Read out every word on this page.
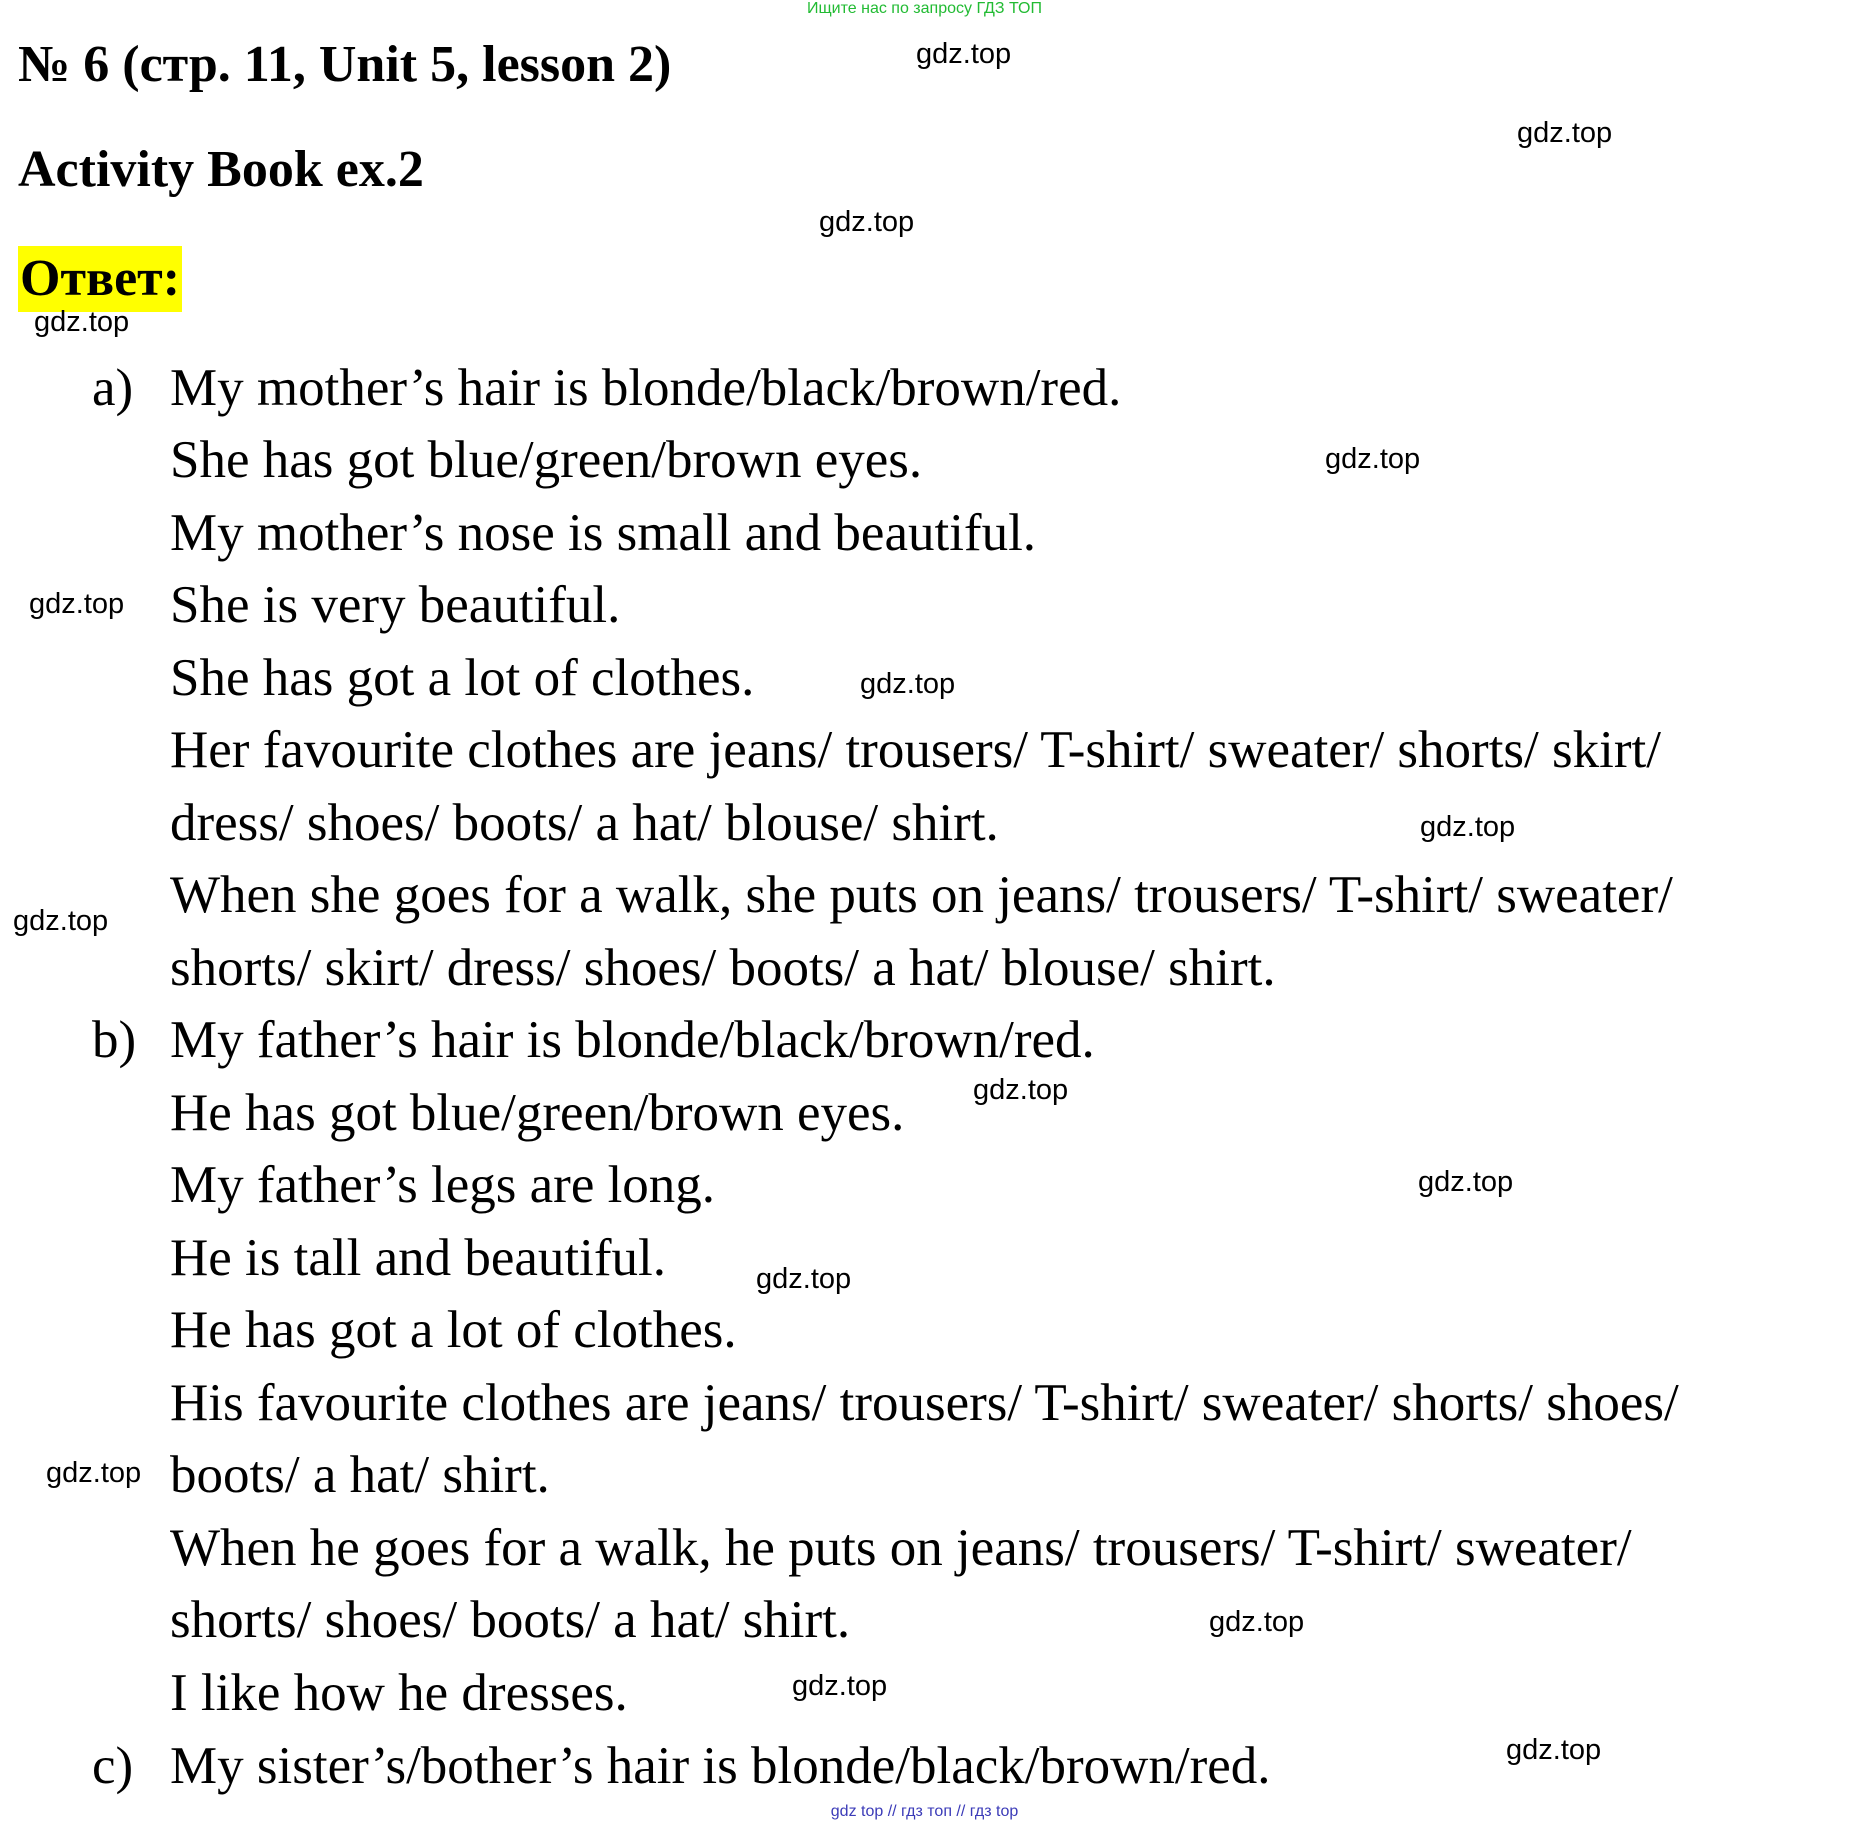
Ищите нас по запросу ГДЗ ТОП
№ 6 (стр. 11, Unit 5, lesson 2)
Activity Book ex.2
Ответ:
a)
b)
c)
My mother’s hair is blonde/black/brown/red.
She has got blue/green/brown eyes.
My mother’s nose is small and beautiful.
She is very beautiful.
She has got a lot of clothes.
Her favourite clothes are jeans/ trousers/ T-shirt/ sweater/ shorts/ skirt/
dress/ shoes/ boots/ a hat/ blouse/ shirt.
When she goes for a walk, she puts on jeans/ trousers/ T-shirt/ sweater/
shorts/ skirt/ dress/ shoes/ boots/ a hat/ blouse/ shirt.
My father’s hair is blonde/black/brown/red.
He has got blue/green/brown eyes.
My father’s legs are long.
He is tall and beautiful.
He has got a lot of clothes.
His favourite clothes are jeans/ trousers/ T-shirt/ sweater/ shorts/ shoes/
boots/ a hat/ shirt.
When he goes for a walk, he puts on jeans/ trousers/ T-shirt/ sweater/
shorts/ shoes/ boots/ a hat/ shirt.
I like how he dresses.
My sister’s/bother’s hair is blonde/black/brown/red.
gdz.top
gdz.top
gdz.top
gdz.top
gdz.top
gdz.top
gdz.top
gdz.top
gdz.top
gdz.top
gdz.top
gdz.top
gdz.top
gdz.top
gdz.top
gdz.top
gdz top // гдз топ // гдз top
